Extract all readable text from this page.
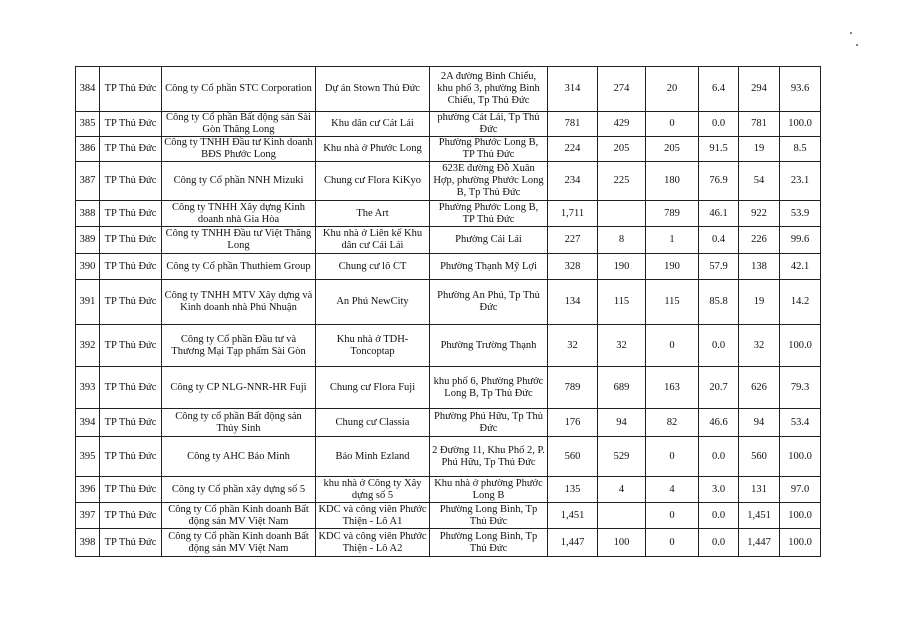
384	TP Thủ Đức	Công ty Cổ phần STC Corporation	Dự án Stown Thủ Đức	2A đường Bình Chiểu, khu phố 3, phường Bình Chiểu, Tp Thủ Đức	314	274	20	6.4	294	93.6
385	TP Thủ Đức	Công ty Cổ phần Bất động sản Sài Gòn Thăng Long	Khu dân cư Cát Lái	phường Cát Lái, Tp Thủ Đức	781	429	0	0.0	781	100.0
386	TP Thủ Đức	Công ty TNHH Đầu tư Kinh doanh BĐS Phước Long	Khu nhà ở Phước Long	Phường Phước Long B, TP Thủ Đức	224	205	205	91.5	19	8.5
387	TP Thủ Đức	Công ty Cổ phần NNH Mizuki	Chung cư Flora KiKyo	623E đường Đỗ Xuân Hợp, phường Phước Long B, Tp Thủ Đức	234	225	180	76.9	54	23.1
388	TP Thủ Đức	Công ty TNHH Xây dựng Kinh doanh nhà Gia Hòa	The Art	Phường Phước Long B, TP Thủ Đức	1,711		789	46.1	922	53.9
389	TP Thủ Đức	Công ty TNHH Đầu tư Việt Thăng Long	Khu nhà ở Liên kế Khu dân cư Cái Lái	Phường Cái Lái	227	8	1	0.4	226	99.6
390	TP Thủ Đức	Công ty Cổ phần Thuthiem Group	Chung cư lô CT	Phường Thạnh Mỹ Lợi	328	190	190	57.9	138	42.1
391	TP Thủ Đức	Công ty TNHH MTV Xây dựng và Kinh doanh nhà Phú Nhuận	An Phú NewCity	Phường An Phú, Tp Thủ Đức	134	115	115	85.8	19	14.2
392	TP Thủ Đức	Công ty Cổ phần Đầu tư và Thương Mại Tạp phẩm Sài Gòn	Khu nhà ở TDH-Toncoptap	Phường Trường Thạnh	32	32	0	0.0	32	100.0
393	TP Thủ Đức	Công ty CP NLG-NNR-HR Fuji	Chung cư Flora Fuji	khu phố 6, Phường Phước Long B, Tp Thủ Đức	789	689	163	20.7	626	79.3
394	TP Thủ Đức	Công ty cổ phần Bất động sản Thủy Sinh	Chung cư Classia	Phường Phú Hữu, Tp Thủ Đức	176	94	82	46.6	94	53.4
395	TP Thủ Đức	Công ty AHC Bảo Minh	Bảo Minh Ezland	2 Đường 11, Khu Phố 2, P. Phú Hữu, Tp Thủ Đức	560	529	0	0.0	560	100.0
396	TP Thủ Đức	Công ty Cổ phần xây dựng số 5	khu nhà ở Công ty Xây dựng số 5	Khu nhà ở phường Phước Long B	135	4	4	3.0	131	97.0
397	TP Thủ Đức	Công ty Cổ phần Kinh doanh Bất động sản MV Việt Nam	KDC và công viên Phước Thiện - Lô A1	Phường Long Bình, Tp Thủ Đức	1,451		0	0.0	1,451	100.0
398	TP Thủ Đức	Công ty Cổ phần Kinh doanh Bất động sản MV Việt Nam	KDC và công viên Phước Thiện - Lô A2	Phường Long Bình, Tp Thủ Đức	1,447	100	0	0.0	1,447	100.0
